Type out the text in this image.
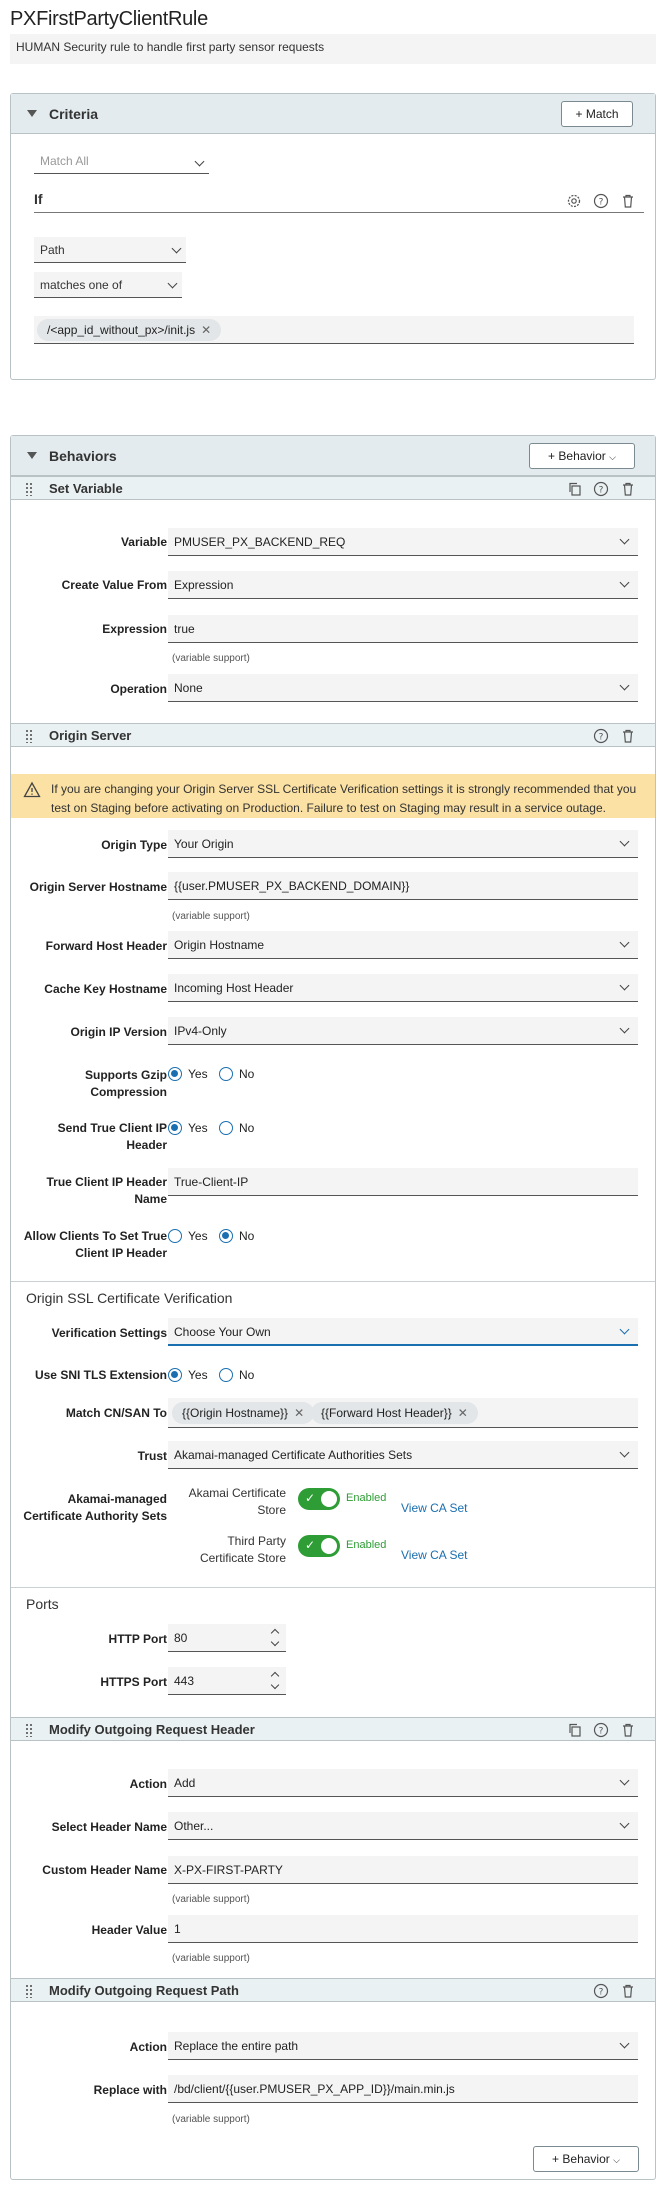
PXFirstPartyClientRule
HUMAN Security rule to handle first party sensor requests
Criteria	+ Match
Match All
If	?
Path
matches one of
/<app_id_without_px>/init.js ✕
Behaviors	+ Behavior ⌵
Set Variable	?
Variable PMUSER_PX_BACKEND_REQ
Create Value From Expression
Expression true
(variable support)
Operation None
Origin Server	?
If you are changing your Origin Server SSL Certificate Verification settings it is strongly recommended that you test on Staging before activating on Production. Failure to test on Staging may result in a service outage.
Origin Type Your Origin
Origin Server Hostname {{user.PMUSER_PX_BACKEND_DOMAIN}}
(variable support)
Forward Host Header Origin Hostname
Cache Key Hostname Incoming Host Header
Origin IP Version IPv4-Only
Supports Gzip
Compression
Yes	No
Send True Client IP
Header
Yes	No
True Client IP Header
Name
True-Client-IP
Allow Clients To Set True
Client IP Header
Yes	No
Origin SSL Certificate Verification
Verification Settings Choose Your Own
Use SNI TLS Extension Yes	No
Match CN/SAN To	{{Origin Hostname}} ✕	{{Forward Host Header}} ✕
Trust Akamai-managed Certificate Authorities Sets
Akamai-managed
Certificate Authority Sets
Akamai Certificate
Store
✓
Enabled
View CA Set
Third Party
Certificate Store
✓
Enabled
View CA Set
Ports
HTTP Port 80
HTTPS Port 443
Modify Outgoing Request Header	?
Action Add
Select Header Name Other...
Custom Header Name X-PX-FIRST-PARTY
(variable support)
Header Value 1
(variable support)
Modify Outgoing Request Path	?
Action Replace the entire path
Replace with /bd/client/{{user.PMUSER_PX_APP_ID}}/main.min.js
(variable support)
+ Behavior ⌵
